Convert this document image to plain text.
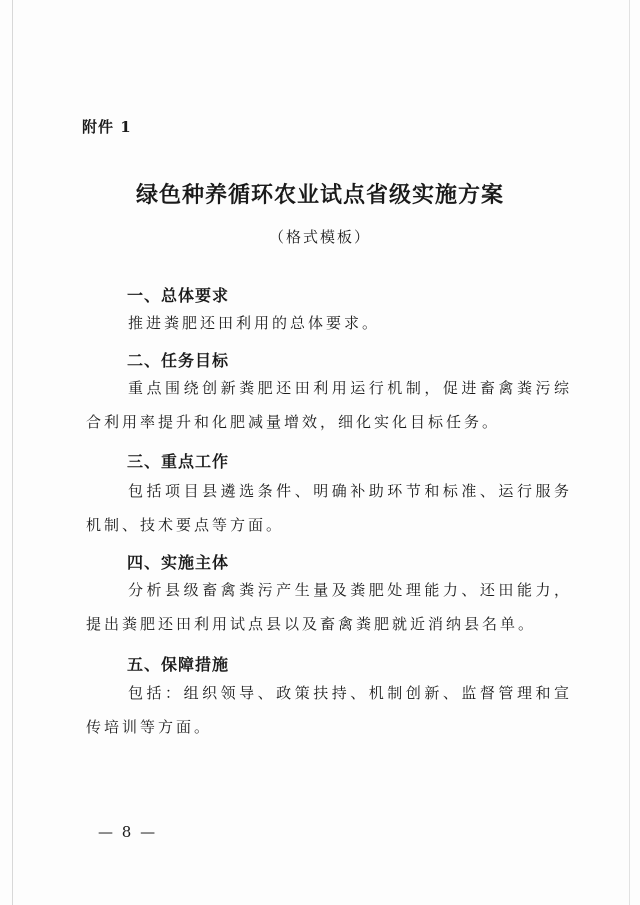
附件 1
绿色种养循环农业试点省级实施方案
（格式模板）
一、总体要求
推进粪肥还田利用的总体要求。
二、任务目标
重点围绕创新粪肥还田利用运行机制，促进畜禽粪污综合利用率提升和化肥减量增效，细化实化目标任务。
三、重点工作
包括项目县遴选条件、明确补助环节和标准、运行服务机制、技术要点等方面。
四、实施主体
分析县级畜禽粪污产生量及粪肥处理能力、还田能力，提出粪肥还田利用试点县以及畜禽粪肥就近消纳县名单。
五、保障措施
包括：组织领导、政策扶持、机制创新、监督管理和宣传培训等方面。
— 8 —
